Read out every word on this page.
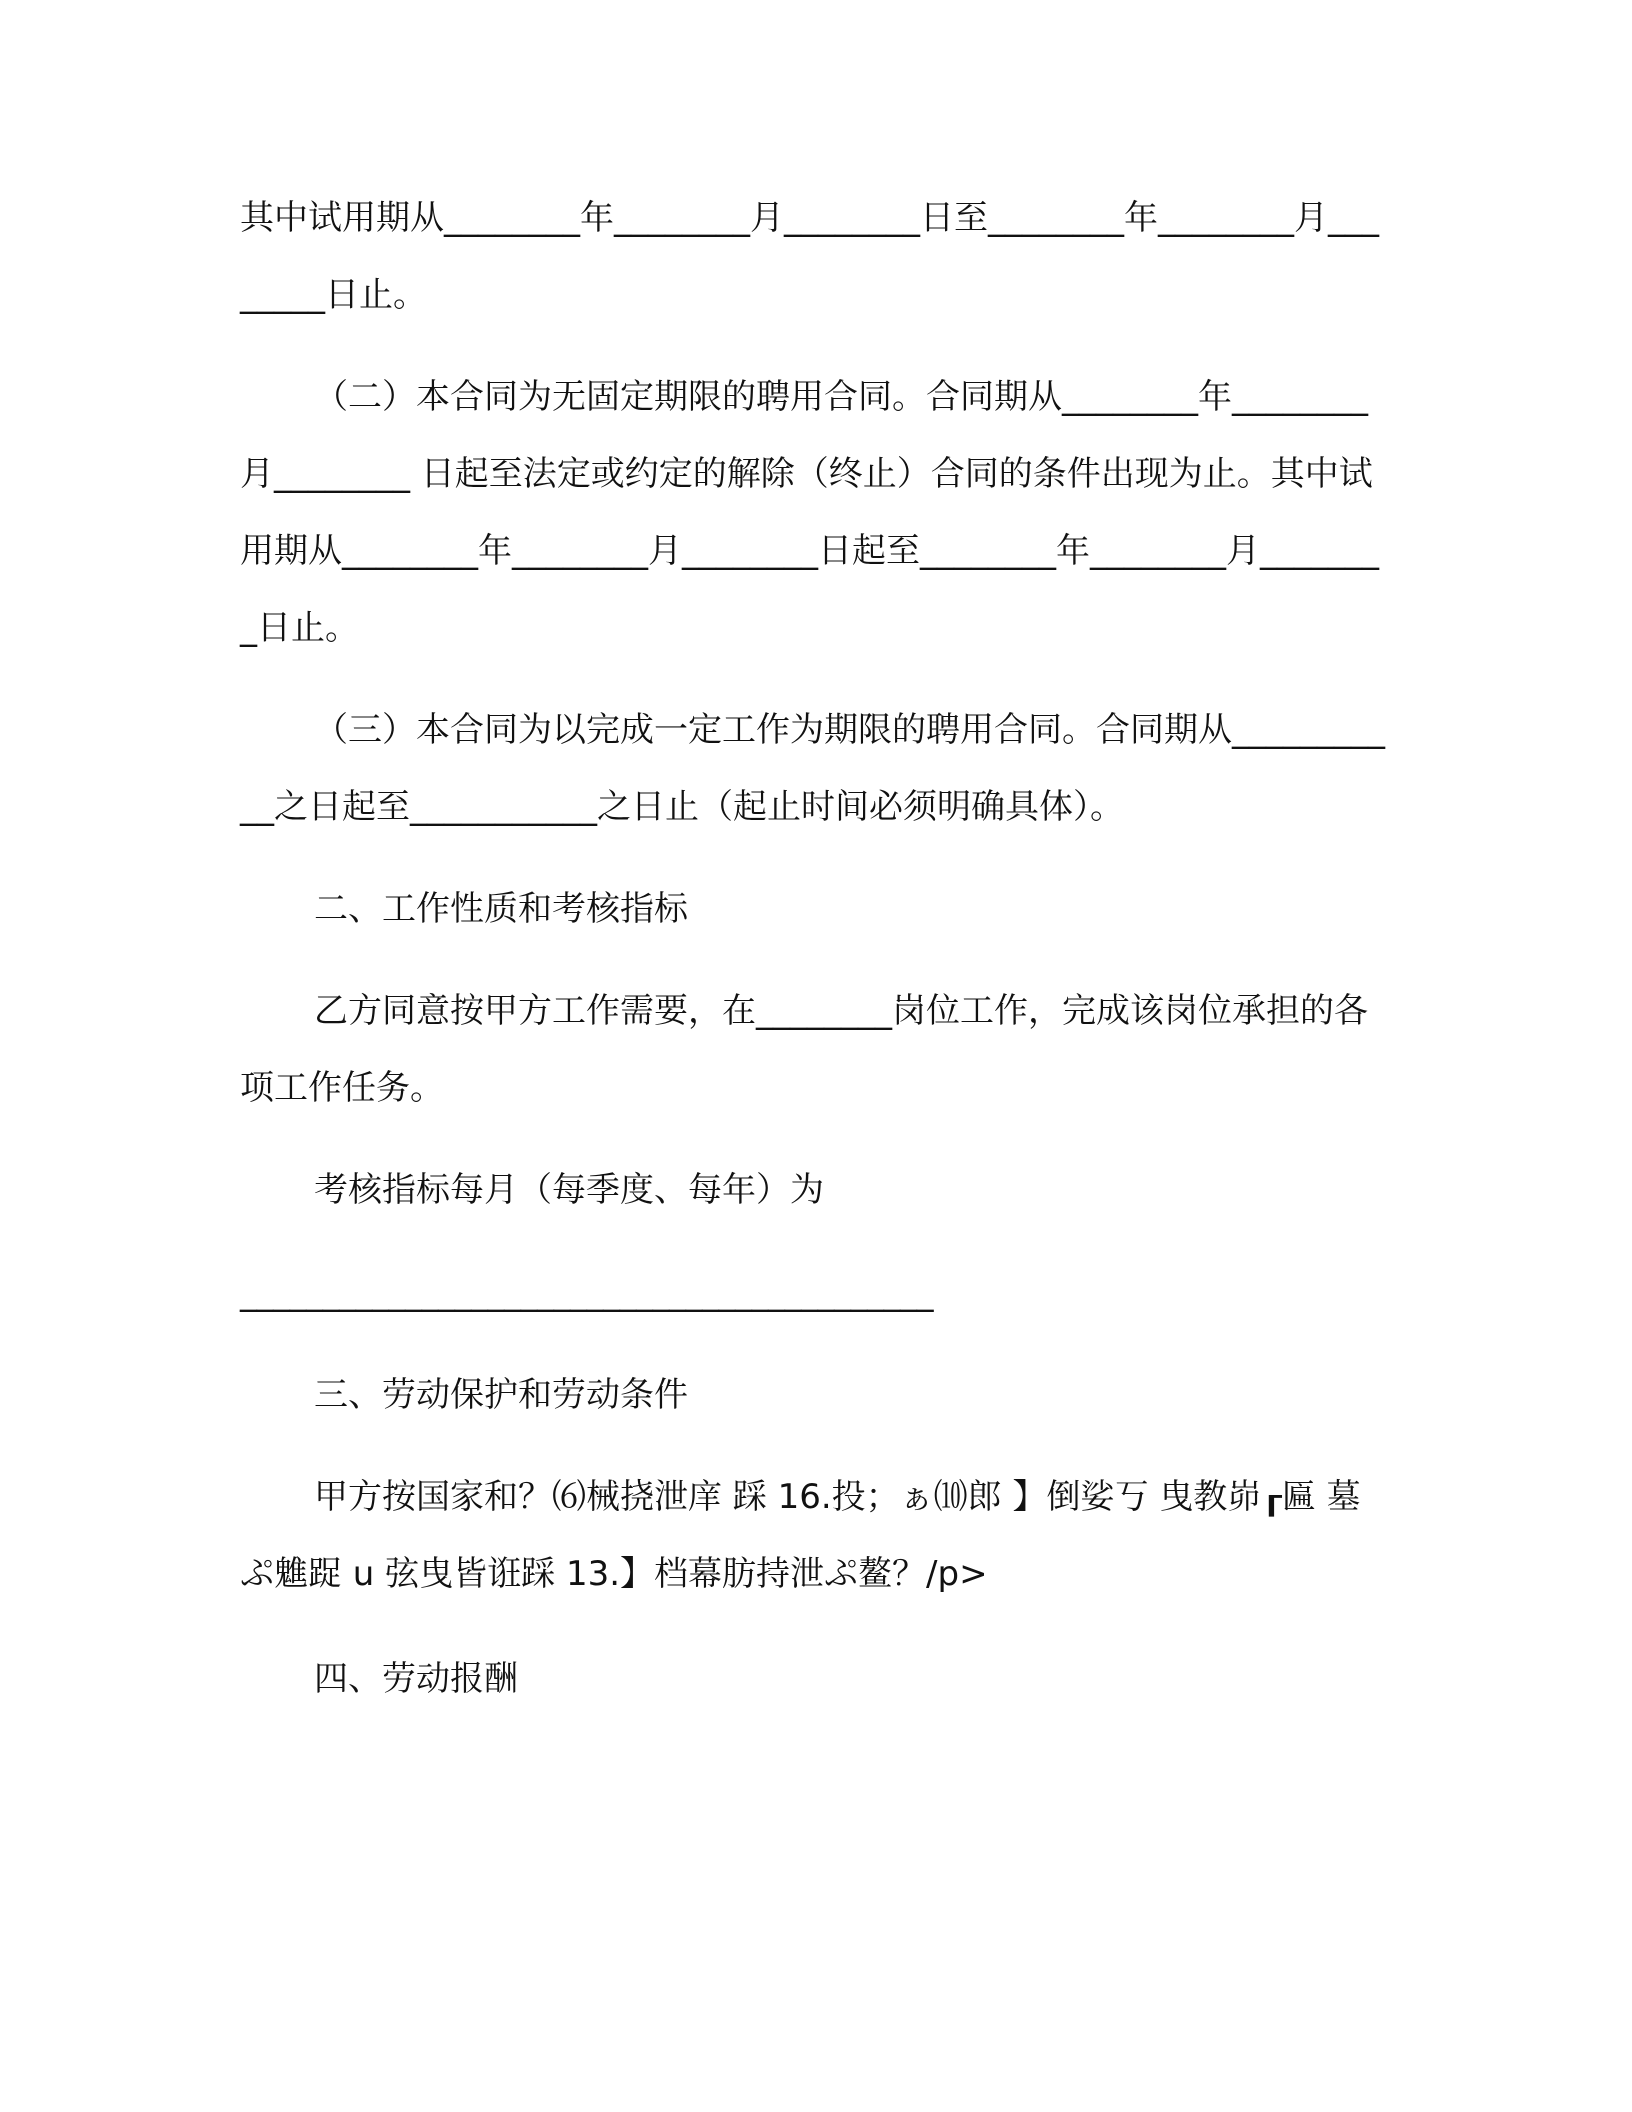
其中试用期从________年________月________日至________年________月________日止。

（二）本合同为无固定期限的聘用合同。合同期从________年________月________ 日起至法定或约定的解除（终止）合同的条件出现为止。其中试用期从________年________月________日起至________年________月________日止。

（三）本合同为以完成一定工作为期限的聘用合同。合同期从___________之日起至___________之日止（起止时间必须明确具体）。

二、工作性质和考核指标

乙方同意按甲方工作需要，在________岗位工作，完成该岗位承担的各项工作任务。

考核指标每月（每季度、每年）为

__________________________________________

三、劳动保护和劳动条件

甲方按国家和？⑹械挠泄庠 踩 16.投；ぁ⑽郎 】倒娑丂 曳教峁┎匾 墓ぷ魋踀 u 弦曳皆诳踩 13.】档幕肪持泄ぷ鳌？/p>

四、劳动报酬
